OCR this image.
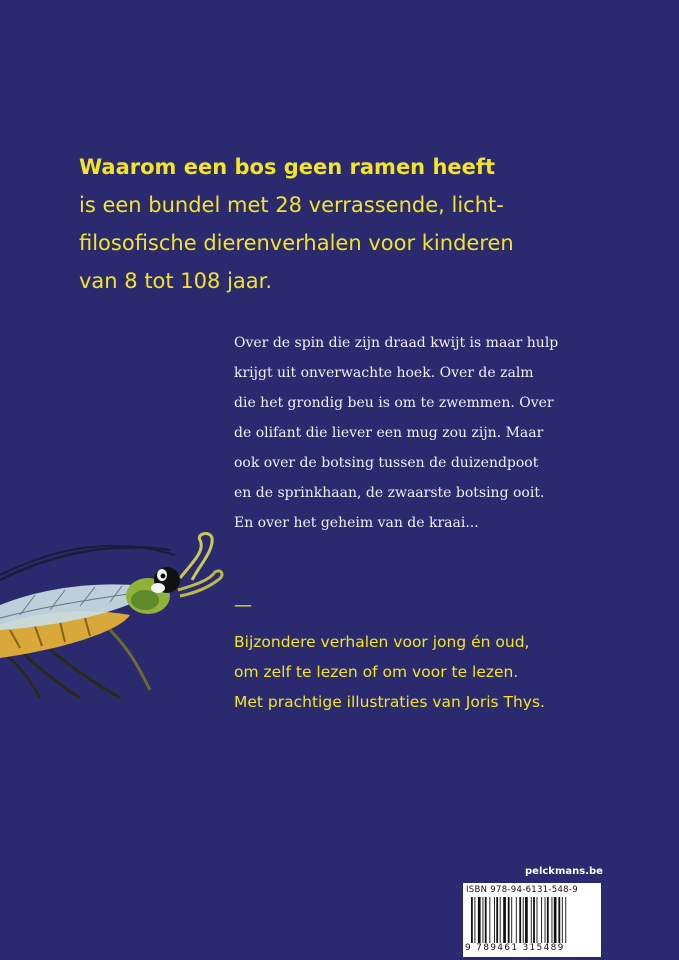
Waarom een bos geen ramen heeft
is een bundel met 28 verrassende, licht-
filosofische dierenverhalen voor kinderen
van 8 tot 108 jaar.

Over de spin die zijn draad kwijt is maar hulp
krijgt uit onverwachte hoek. Over de zalm
die het grondig beu is om te zwemmen. Over
de olifant die liever een mug zou zijn. Maar
ook over de botsing tussen de duizendpoot
en de sprinkhaan, de zwaarste botsing ooit.
En over het geheim van de kraai...

—

Bijzondere verhalen voor jong én oud,
om zelf te lezen of om voor te lezen.
Met prachtige illustraties van Joris Thys.

pelckmans.be
ISBN 978-94-6131-548-9
9 789461 315489
